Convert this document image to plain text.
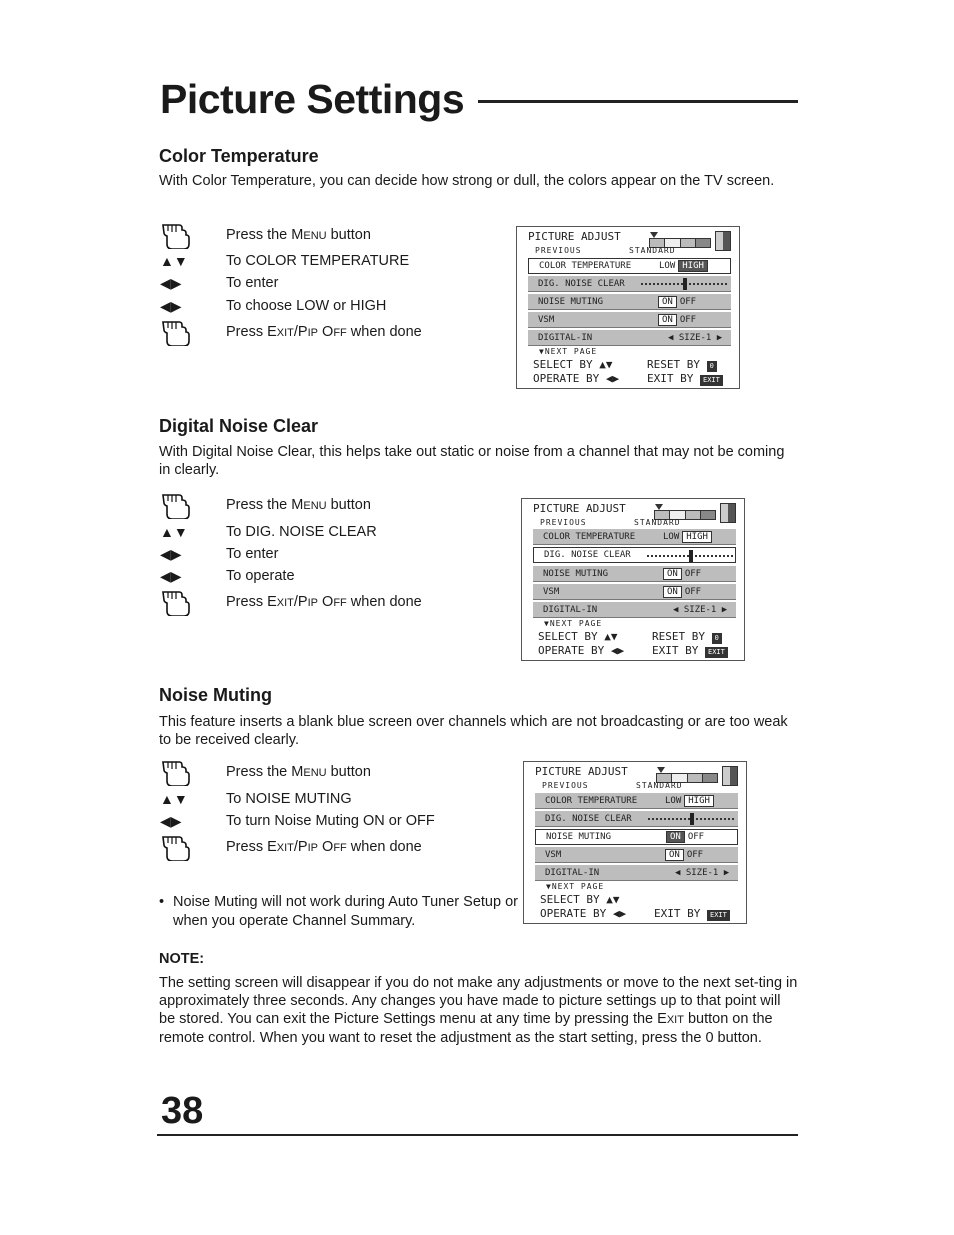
Picture Settings
Color Temperature
With Color Temperature, you can decide how strong or dull, the colors appear on the TV screen.
Press the MENU button
▲▼	To COLOR TEMPERATURE
◀▶	To enter
◀▶	To choose LOW or HIGH
Press EXIT/PIP OFF when done
PICTURE ADJUST
PREVIOUS	STANDARD
COLOR TEMPERATURE	LOW HIGH
DIG. NOISE CLEAR
NOISE MUTING	ON OFF
VSM	ON OFF
DIGITAL-IN	◀ SIZE-1 ▶
▼NEXT PAGE
SELECT BY ▲▼
OPERATE BY ◀▶
RESET BY 0
EXIT BY EXIT
Digital Noise Clear
With Digital Noise Clear, this helps take out static or noise from a channel that may not be coming in clearly.
Press the MENU button
▲▼	To DIG. NOISE CLEAR
◀▶	To enter
◀▶	To operate
Press EXIT/PIP OFF when done
PICTURE ADJUST
PREVIOUS	STANDARD
COLOR TEMPERATURE	LOW HIGH
DIG. NOISE CLEAR
NOISE MUTING	ON OFF
VSM	ON OFF
DIGITAL-IN	◀ SIZE-1 ▶
▼NEXT PAGE
SELECT BY ▲▼
OPERATE BY ◀▶
RESET BY 0
EXIT BY EXIT
Noise Muting
This feature inserts a blank blue screen over channels which are not broadcasting or are too weak to be received clearly.
Press the MENU button
▲▼	To NOISE MUTING
◀▶	To turn Noise Muting ON or OFF
Press EXIT/PIP OFF when done
• Noise Muting will not work during Auto Tuner Setup or when you operate Channel Summary.
PICTURE ADJUST
PREVIOUS	STANDARD
COLOR TEMPERATURE	LOW HIGH
DIG. NOISE CLEAR
NOISE MUTING	ON OFF
VSM	ON OFF
DIGITAL-IN	◀ SIZE-1 ▶
▼NEXT PAGE
SELECT BY ▲▼
OPERATE BY ◀▶	EXIT BY EXIT
NOTE:
The setting screen will disappear if you do not make any adjustments or move to the next set-ting in approximately three seconds. Any changes you have made to picture settings up to that point will be stored. You can exit the Picture Settings menu at any time by pressing the EXIT button on the remote control. When you want to reset the adjustment as the start setting, press the 0 button.
38
